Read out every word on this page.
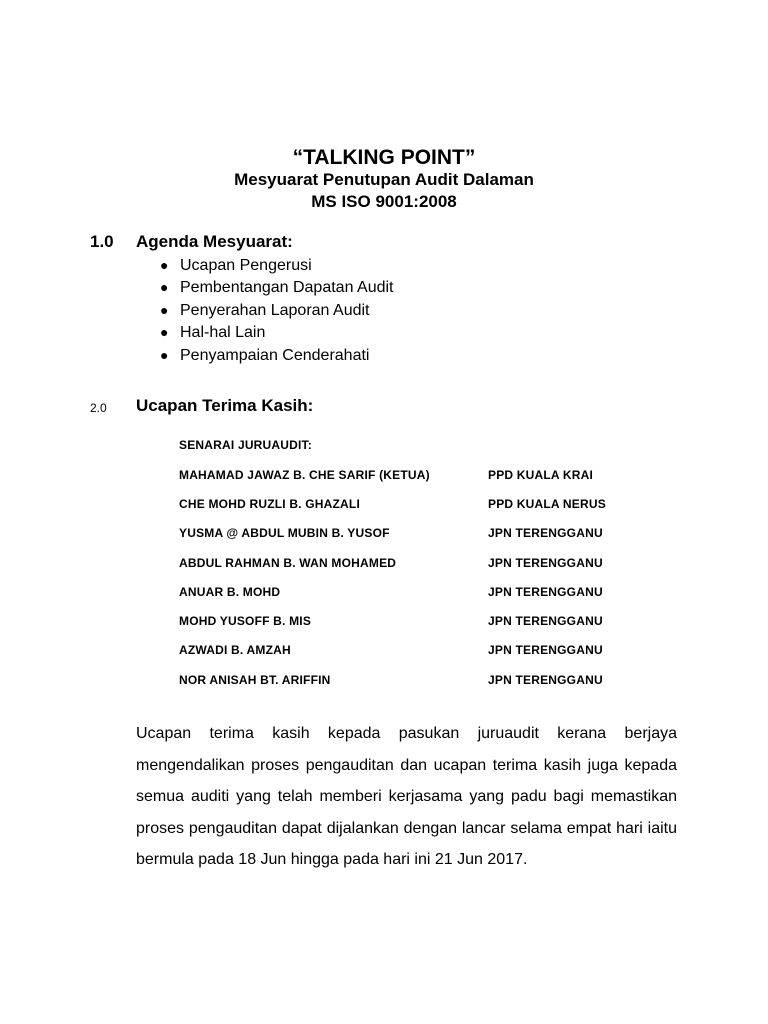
“TALKING POINT”
Mesyuarat Penutupan Audit Dalaman
MS ISO 9001:2008
1.0 Agenda Mesyuarat:
● Ucapan Pengerusi
● Pembentangan Dapatan Audit
● Penyerahan Laporan Audit
● Hal-hal Lain
● Penyampaian Cenderahati
2.0 Ucapan Terima Kasih:
SENARAI JURUAUDIT:
MAHAMAD JAWAZ B. CHE SARIF (KETUA)	PPD KUALA KRAI
CHE MOHD RUZLI B. GHAZALI	PPD KUALA NERUS
YUSMA @ ABDUL MUBIN B. YUSOF	JPN TERENGGANU
ABDUL RAHMAN B. WAN MOHAMED	JPN TERENGGANU
ANUAR B. MOHD	JPN TERENGGANU
MOHD YUSOFF B. MIS	JPN TERENGGANU
AZWADI B. AMZAH	JPN TERENGGANU
NOR ANISAH BT. ARIFFIN	JPN TERENGGANU

Ucapan terima kasih kepada pasukan juruaudit kerana berjaya mengendalikan proses pengauditan dan ucapan terima kasih juga kepada semua auditi yang telah memberi kerjasama yang padu bagi memastikan proses pengauditan dapat dijalankan dengan lancar selama empat hari iaitu bermula pada 18 Jun hingga pada hari ini 21 Jun 2017.
